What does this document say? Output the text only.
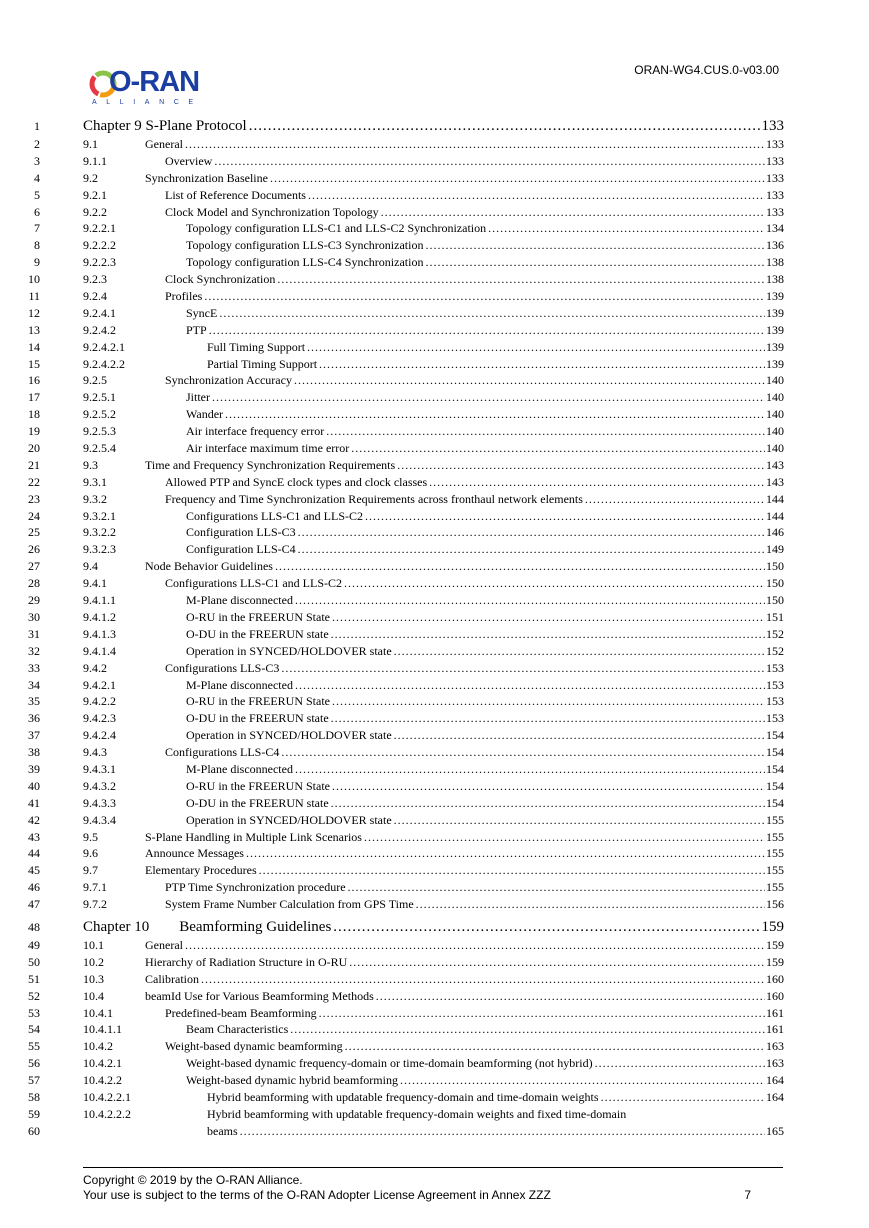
ORAN-WG4.CUS.0-v03.00
O-RAN
ALLIANCE
1	Chapter 9 S-Plane Protocol .....	133
2	9.1	General .....	133
3	9.1.1	Overview .....	133
4	9.2	Synchronization Baseline .....	133
5	9.2.1	List of Reference Documents .....	133
6	9.2.2	Clock Model and Synchronization Topology .....	133
7	9.2.2.1	Topology configuration LLS-C1 and LLS-C2 Synchronization .....	134
8	9.2.2.2	Topology configuration LLS-C3 Synchronization .....	136
9	9.2.2.3	Topology configuration LLS-C4 Synchronization .....	138
10	9.2.3	Clock Synchronization .....	138
11	9.2.4	Profiles .....	139
12	9.2.4.1	SyncE .....	139
13	9.2.4.2	PTP .....	139
14	9.2.4.2.1	Full Timing Support .....	139
15	9.2.4.2.2	Partial Timing Support .....	139
16	9.2.5	Synchronization Accuracy .....	140
17	9.2.5.1	Jitter .....	140
18	9.2.5.2	Wander .....	140
19	9.2.5.3	Air interface frequency error .....	140
20	9.2.5.4	Air interface maximum time error .....	140
21	9.3	Time and Frequency Synchronization Requirements .....	143
22	9.3.1	Allowed PTP and SyncE clock types and clock classes .....	143
23	9.3.2	Frequency and Time Synchronization Requirements across fronthaul network elements .....	144
24	9.3.2.1	Configurations LLS-C1 and LLS-C2 .....	144
25	9.3.2.2	Configuration LLS-C3 .....	146
26	9.3.2.3	Configuration LLS-C4 .....	149
27	9.4	Node Behavior Guidelines .....	150
28	9.4.1	Configurations LLS-C1 and LLS-C2 .....	150
29	9.4.1.1	M-Plane disconnected .....	150
30	9.4.1.2	O-RU in the FREERUN State .....	151
31	9.4.1.3	O-DU in the FREERUN state .....	152
32	9.4.1.4	Operation in SYNCED/HOLDOVER state .....	152
33	9.4.2	Configurations LLS-C3 .....	153
34	9.4.2.1	M-Plane disconnected .....	153
35	9.4.2.2	O-RU in the FREERUN State .....	153
36	9.4.2.3	O-DU in the FREERUN state .....	153
37	9.4.2.4	Operation in SYNCED/HOLDOVER state .....	154
38	9.4.3	Configurations LLS-C4 .....	154
39	9.4.3.1	M-Plane disconnected .....	154
40	9.4.3.2	O-RU in the FREERUN State .....	154
41	9.4.3.3	O-DU in the FREERUN state .....	154
42	9.4.3.4	Operation in SYNCED/HOLDOVER state .....	155
43	9.5	S-Plane Handling in Multiple Link Scenarios .....	155
44	9.6	Announce Messages .....	155
45	9.7	Elementary Procedures .....	155
46	9.7.1	PTP Time Synchronization procedure .....	155
47	9.7.2	System Frame Number Calculation from GPS Time .....	156
48	Chapter 10        Beamforming Guidelines .....	159
49	10.1	General .....	159
50	10.2	Hierarchy of Radiation Structure in O-RU .....	159
51	10.3	Calibration .....	160
52	10.4	beamId Use for Various Beamforming Methods .....	160
53	10.4.1	Predefined-beam Beamforming .....	161
54	10.4.1.1	Beam Characteristics .....	161
55	10.4.2	Weight-based dynamic beamforming .....	163
56	10.4.2.1	Weight-based dynamic frequency-domain or time-domain beamforming (not hybrid) .....	163
57	10.4.2.2	Weight-based dynamic hybrid beamforming .....	164
58	10.4.2.2.1	Hybrid beamforming with updatable frequency-domain and time-domain weights .....	164
59	10.4.2.2.2	Hybrid beamforming with updatable frequency-domain weights and fixed time-domain
60	beams .....	165
Copyright © 2019 by the O-RAN Alliance.
Your use is subject to the terms of the O-RAN Adopter License Agreement in Annex ZZZ	7
